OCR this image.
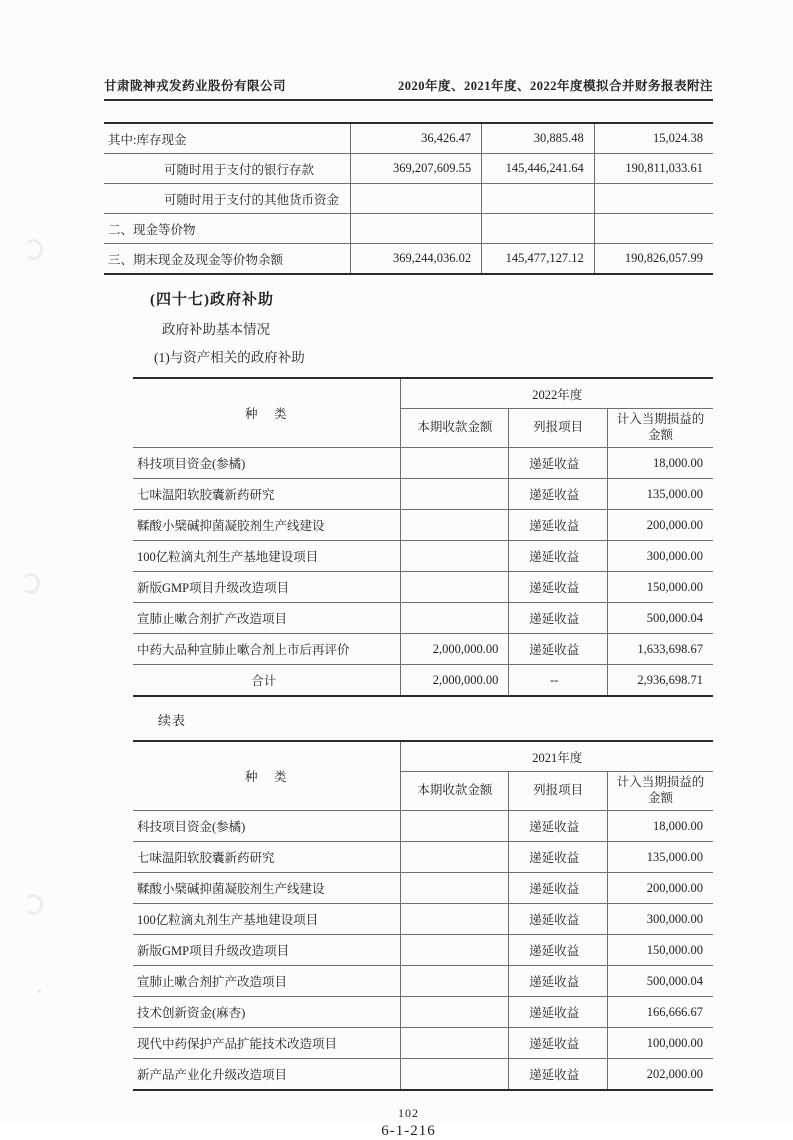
甘肃陇神戎发药业股份有限公司	2020年度、2021年度、2022年度模拟合并财务报表附注
其中:库存现金	36,426.47	30,885.48	15,024.38
可随时用于支付的银行存款	369,207,609.55	145,446,241.64	190,811,033.61
可随时用于支付的其他货币资金			
二、现金等价物			
三、期末现金及现金等价物余额	369,244,036.02	145,477,127.12	190,826,057.99
(四十七)政府补助
政府补助基本情况
(1)与资产相关的政府补助
种　类	2022年度		
	本期收款金额	列报项目	计入当期损益的金额
科技项目资金(参橘)		递延收益	18,000.00
七味温阳软胶囊新药研究		递延收益	135,000.00
鞣酸小檗碱抑菌凝胶剂生产线建设		递延收益	200,000.00
100亿粒滴丸剂生产基地建设项目		递延收益	300,000.00
新版GMP项目升级改造项目		递延收益	150,000.00
宣肺止嗽合剂扩产改造项目		递延收益	500,000.04
中药大品种宣肺止嗽合剂上市后再评价	2,000,000.00	递延收益	1,633,698.67
合计	2,000,000.00	--	2,936,698.71
续表
种　类	2021年度		
	本期收款金额	列报项目	计入当期损益的金额
科技项目资金(参橘)		递延收益	18,000.00
七味温阳软胶囊新药研究		递延收益	135,000.00
鞣酸小檗碱抑菌凝胶剂生产线建设		递延收益	200,000.00
100亿粒滴丸剂生产基地建设项目		递延收益	300,000.00
新版GMP项目升级改造项目		递延收益	150,000.00
宣肺止嗽合剂扩产改造项目		递延收益	500,000.04
技术创新资金(麻杏)		递延收益	166,666.67
现代中药保护产品扩能技术改造项目		递延收益	100,000.00
新产品产业化升级改造项目		递延收益	202,000.00
102
6-1-216
